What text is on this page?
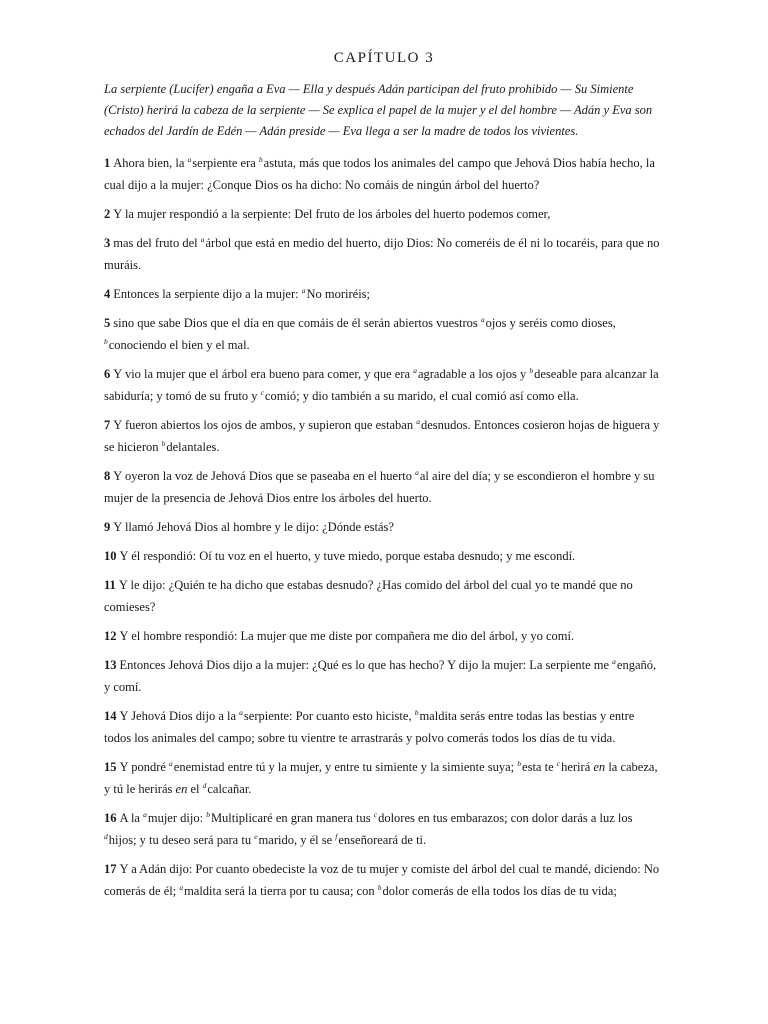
CAPÍTULO 3

La serpiente (Lucifer) engaña a Eva — Ella y después Adán participan del fruto prohibido — Su Simiente (Cristo) herirá la cabeza de la serpiente — Se explica el papel de la mujer y el del hombre — Adán y Eva son echados del Jardín de Edén — Adán preside — Eva llega a ser la madre de todos los vivientes.

1 Ahora bien, la $^a$serpiente era $^b$astuta, más que todos los animales del campo que Jehová Dios había hecho, la cual dijo a la mujer: ¿Conque Dios os ha dicho: No comáis de ningún árbol del huerto?

2 Y la mujer respondió a la serpiente: Del fruto de los árboles del huerto podemos comer,

3 mas del fruto del $^a$árbol que está en medio del huerto, dijo Dios: No comeréis de él ni lo tocaréis, para que no muráis.

4 Entonces la serpiente dijo a la mujer: $^a$No moriréis;

5 sino que sabe Dios que el día en que comáis de él serán abiertos vuestros $^a$ojos y seréis como dioses, $^b$conociendo el bien y el mal.

6 Y vio la mujer que el árbol era bueno para comer, y que era $^a$agradable a los ojos y $^b$deseable para alcanzar la sabiduría; y tomó de su fruto y $^c$comió; y dio también a su marido, el cual comió así como ella.

7 Y fueron abiertos los ojos de ambos, y supieron que estaban $^a$desnudos. Entonces cosieron hojas de higuera y se hicieron $^b$delantales.

8 Y oyeron la voz de Jehová Dios que se paseaba en el huerto $^a$al aire del día; y se escondieron el hombre y su mujer de la presencia de Jehová Dios entre los árboles del huerto.

9 Y llamó Jehová Dios al hombre y le dijo: ¿Dónde estás?

10 Y él respondió: Oí tu voz en el huerto, y tuve miedo, porque estaba desnudo; y me escondí.

11 Y le dijo: ¿Quién te ha dicho que estabas desnudo? ¿Has comido del árbol del cual yo te mandé que no comieses?

12 Y el hombre respondió: La mujer que me diste por compañera me dio del árbol, y yo comí.

13 Entonces Jehová Dios dijo a la mujer: ¿Qué es lo que has hecho? Y dijo la mujer: La serpiente me $^a$engañó, y comí.

14 Y Jehová Dios dijo a la $^a$serpiente: Por cuanto esto hiciste, $^b$maldita serás entre todas las bestias y entre todos los animales del campo; sobre tu vientre te arrastrarás y polvo comerás todos los días de tu vida.

15 Y pondré $^a$enemistad entre tú y la mujer, y entre tu simiente y la simiente suya; $^b$esta te $^c$herirá en la cabeza, y tú le herirás en el $^d$calcañar.

16 A la $^a$mujer dijo: $^b$Multiplicaré en gran manera tus $^c$dolores en tus embarazos; con dolor darás a luz los $^d$hijos; y tu deseo será para tu $^e$marido, y él se $^f$enseñoreará de ti.

17 Y a Adán dijo: Por cuanto obedeciste la voz de tu mujer y comiste del árbol del cual te mandé, diciendo: No comerás de él; $^a$maldita será la tierra por tu causa; con $^b$dolor comerás de ella todos los días de tu vida;
